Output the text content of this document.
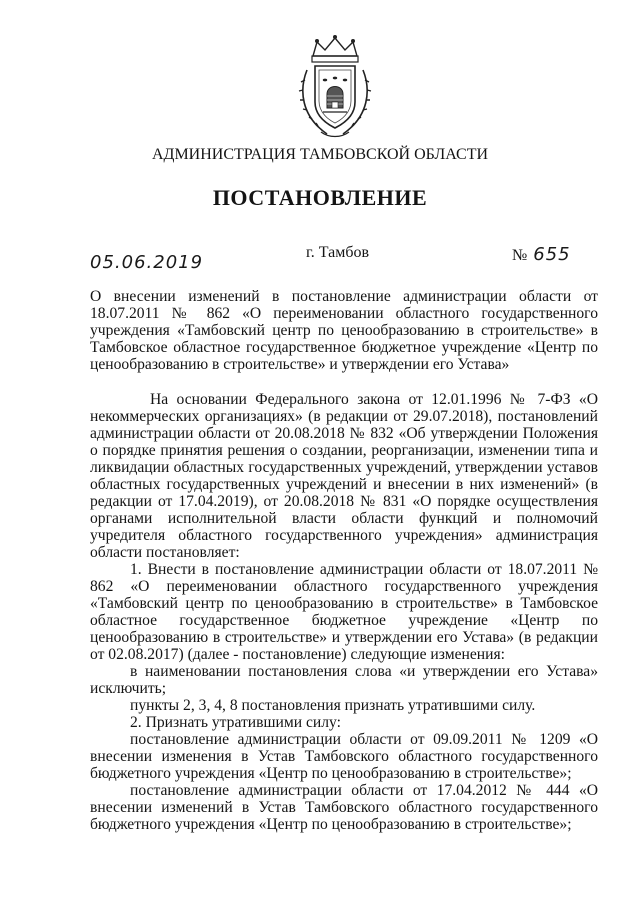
АДМИНИСТРАЦИЯ ТАМБОВСКОЙ ОБЛАСТИ
ПОСТАНОВЛЕНИЕ
05.06.2019	г. Тамбов	№ 655

О внесении изменений в постановление администрации области от 18.07.2011 № 862 «О переименовании областного государственного учреждения «Тамбовский центр по ценообразованию в строительстве» в Тамбовское областное государственное бюджетное учреждение «Центр по ценообразованию в строительстве» и утверждении его Устава»

На основании Федерального закона от 12.01.1996 № 7-ФЗ «О некоммерческих организациях» (в редакции от 29.07.2018), постановлений администрации области от 20.08.2018 № 832 «Об утверждении Положения о порядке принятия решения о создании, реорганизации, изменении типа и ликвидации областных государственных учреждений, утверждении уставов областных государственных учреждений и внесении в них изменений» (в редакции от 17.04.2019), от 20.08.2018 № 831 «О порядке осуществления органами исполнительной власти области функций и полномочий учредителя областного государственного учреждения» администрация области постановляет:

1. Внести в постановление администрации области от 18.07.2011 № 862 «О переименовании областного государственного учреждения «Тамбовский центр по ценообразованию в строительстве» в Тамбовское областное государственное бюджетное учреждение «Центр по ценообразованию в строительстве» и утверждении его Устава» (в редакции от 02.08.2017) (далее - постановление) следующие изменения:

в наименовании постановления слова «и утверждении его Устава» исключить;

пункты 2, 3, 4, 8 постановления признать утратившими силу.

2. Признать утратившими силу:

постановление администрации области от 09.09.2011 № 1209 «О внесении изменения в Устав Тамбовского областного государственного бюджетного учреждения «Центр по ценообразованию в строительстве»;

постановление администрации области от 17.04.2012 № 444 «О внесении изменений в Устав Тамбовского областного государственного бюджетного учреждения «Центр по ценообразованию в строительстве»;
